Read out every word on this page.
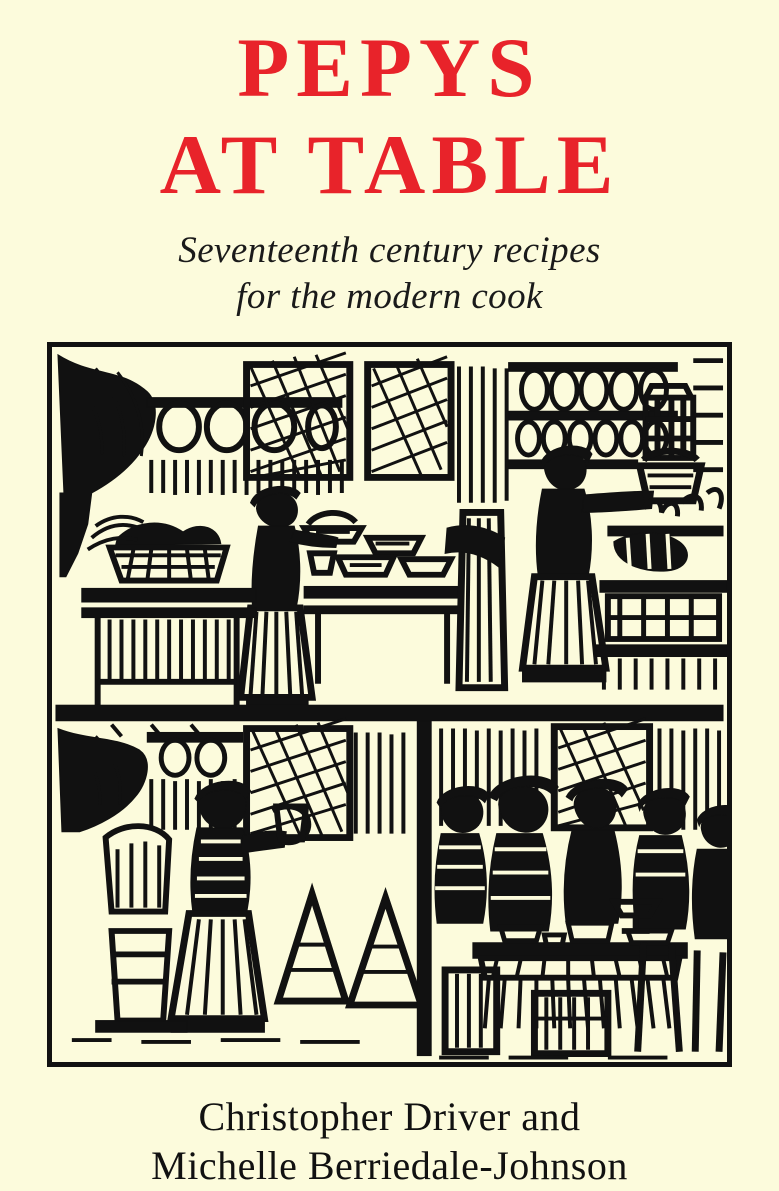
PEPYS
AT TABLE
Seventeenth century recipes
for the modern cook
Christopher Driver and
Michelle Berriedale-Johnson
